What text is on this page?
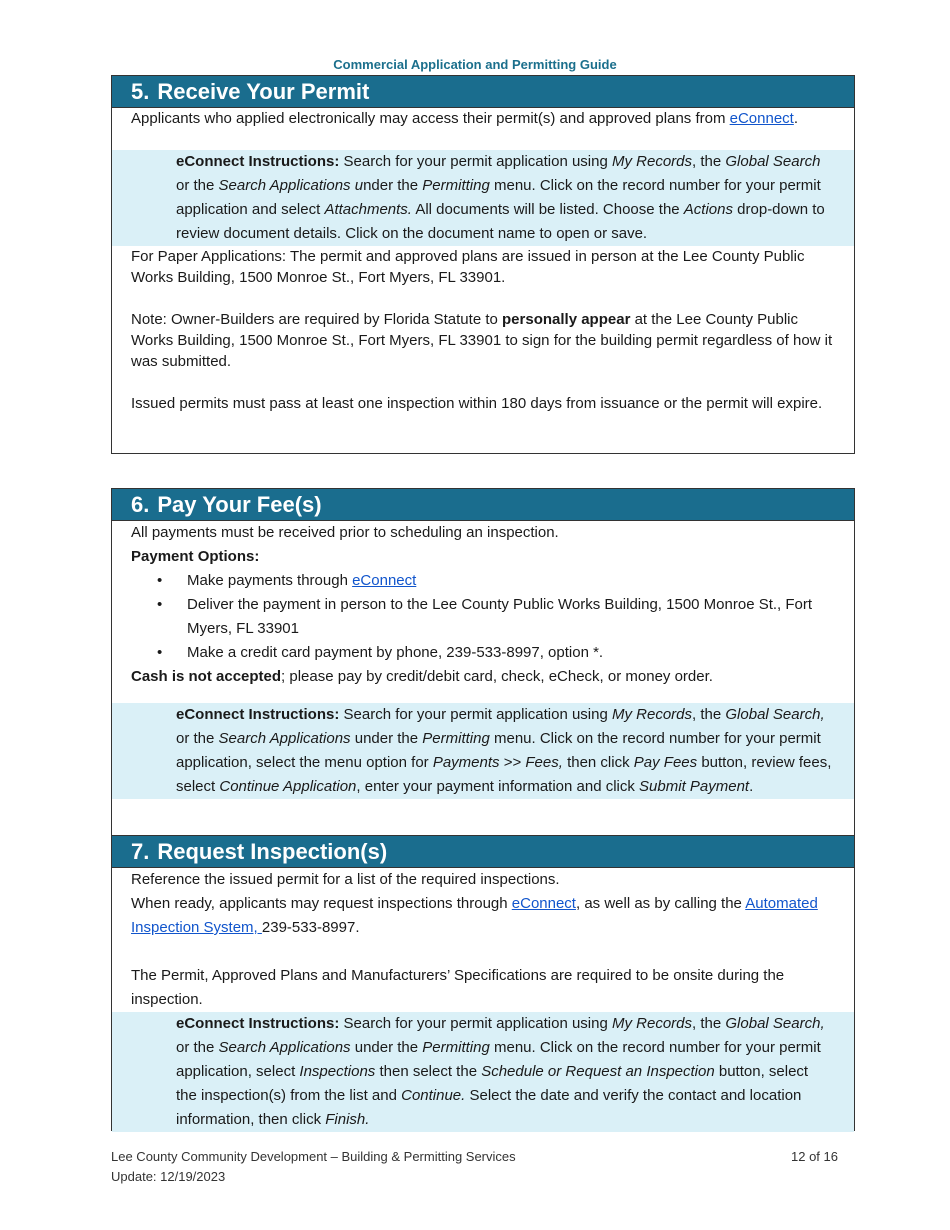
Commercial Application and Permitting Guide
5. Receive Your Permit
Applicants who applied electronically may access their permit(s) and approved plans from eConnect.
eConnect Instructions: Search for your permit application using My Records, the Global Search or the Search Applications under the Permitting menu. Click on the record number for your permit application and select Attachments. All documents will be listed. Choose the Actions drop-down to review document details. Click on the document name to open or save.
For Paper Applications: The permit and approved plans are issued in person at the Lee County Public Works Building, 1500 Monroe St., Fort Myers, FL 33901.
Note: Owner-Builders are required by Florida Statute to personally appear at the Lee County Public Works Building, 1500 Monroe St., Fort Myers, FL 33901 to sign for the building permit regardless of how it was submitted.
Issued permits must pass at least one inspection within 180 days from issuance or the permit will expire.
6. Pay Your Fee(s)
All payments must be received prior to scheduling an inspection.
Payment Options:
• Make payments through eConnect
• Deliver the payment in person to the Lee County Public Works Building, 1500 Monroe St., Fort Myers, FL 33901
• Make a credit card payment by phone, 239-533-8997, option *.
Cash is not accepted; please pay by credit/debit card, check, eCheck, or money order.
eConnect Instructions: Search for your permit application using My Records, the Global Search, or the Search Applications under the Permitting menu. Click on the record number for your permit application, select the menu option for Payments >> Fees, then click Pay Fees button, review fees, select Continue Application, enter your payment information and click Submit Payment.
7. Request Inspection(s)
Reference the issued permit for a list of the required inspections.
When ready, applicants may request inspections through eConnect, as well as by calling the Automated Inspection System, 239-533-8997.
The Permit, Approved Plans and Manufacturers’ Specifications are required to be onsite during the inspection.
eConnect Instructions: Search for your permit application using My Records, the Global Search, or the Search Applications under the Permitting menu. Click on the record number for your permit application, select Inspections then select the Schedule or Request an Inspection button, select the inspection(s) from the list and Continue. Select the date and verify the contact and location information, then click Finish.
Lee County Community Development – Building & Permitting Services
Update: 12/19/2023
12 of 16
